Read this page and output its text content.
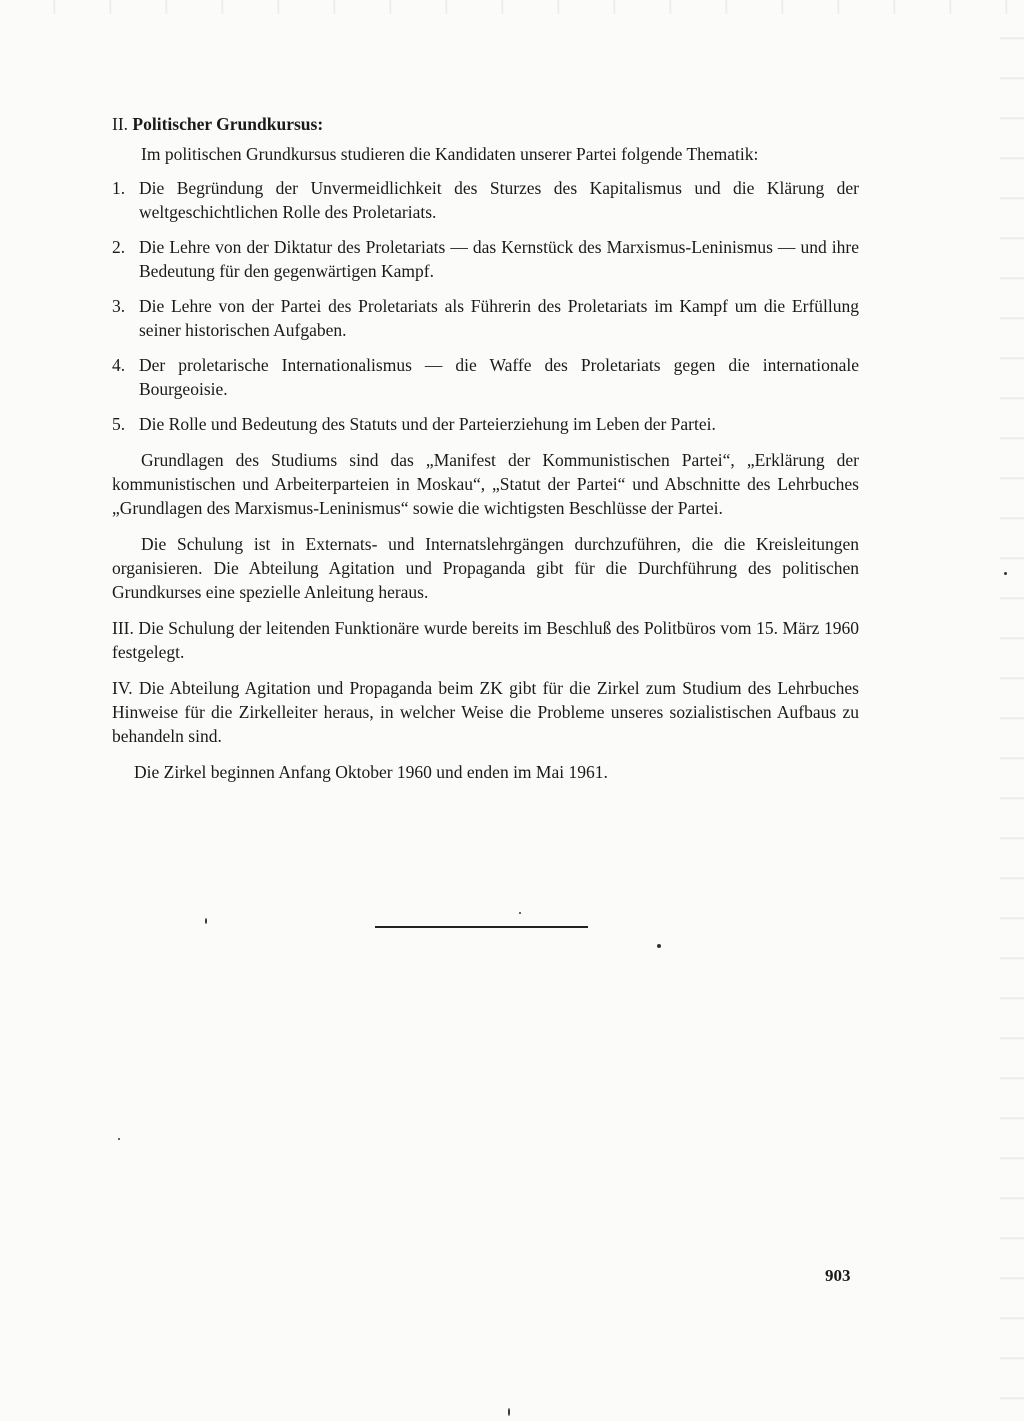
II. Politischer Grundkursus:

Im politischen Grundkursus studieren die Kandidaten unserer Partei folgende Thematik:

1. Die Begründung der Unvermeidlichkeit des Sturzes des Kapitalismus und die Klärung der weltgeschichtlichen Rolle des Proletariats.
2. Die Lehre von der Diktatur des Proletariats — das Kernstück des Marxismus-Leninismus — und ihre Bedeutung für den gegenwärtigen Kampf.
3. Die Lehre von der Partei des Proletariats als Führerin des Proletariats im Kampf um die Erfüllung seiner historischen Aufgaben.
4. Der proletarische Internationalismus — die Waffe des Proletariats gegen die internationale Bourgeoisie.
5. Die Rolle und Bedeutung des Statuts und der Parteierziehung im Leben der Partei.

Grundlagen des Studiums sind das „Manifest der Kommunistischen Partei“, „Erklärung der kommunistischen und Arbeiterparteien in Moskau“, „Statut der Partei“ und Abschnitte des Lehrbuches „Grundlagen des Marxismus-Leninismus“ sowie die wichtigsten Beschlüsse der Partei.

Die Schulung ist in Externats- und Internatslehrgängen durchzuführen, die die Kreisleitungen organisieren. Die Abteilung Agitation und Propaganda gibt für die Durchführung des politischen Grundkurses eine spezielle Anleitung heraus.

III. Die Schulung der leitenden Funktionäre wurde bereits im Beschluß des Politbüros vom 15. März 1960 festgelegt.

IV. Die Abteilung Agitation und Propaganda beim ZK gibt für die Zirkel zum Studium des Lehrbuches Hinweise für die Zirkelleiter heraus, in welcher Weise die Probleme unseres sozialistischen Aufbaus zu behandeln sind.

Die Zirkel beginnen Anfang Oktober 1960 und enden im Mai 1961.

903
